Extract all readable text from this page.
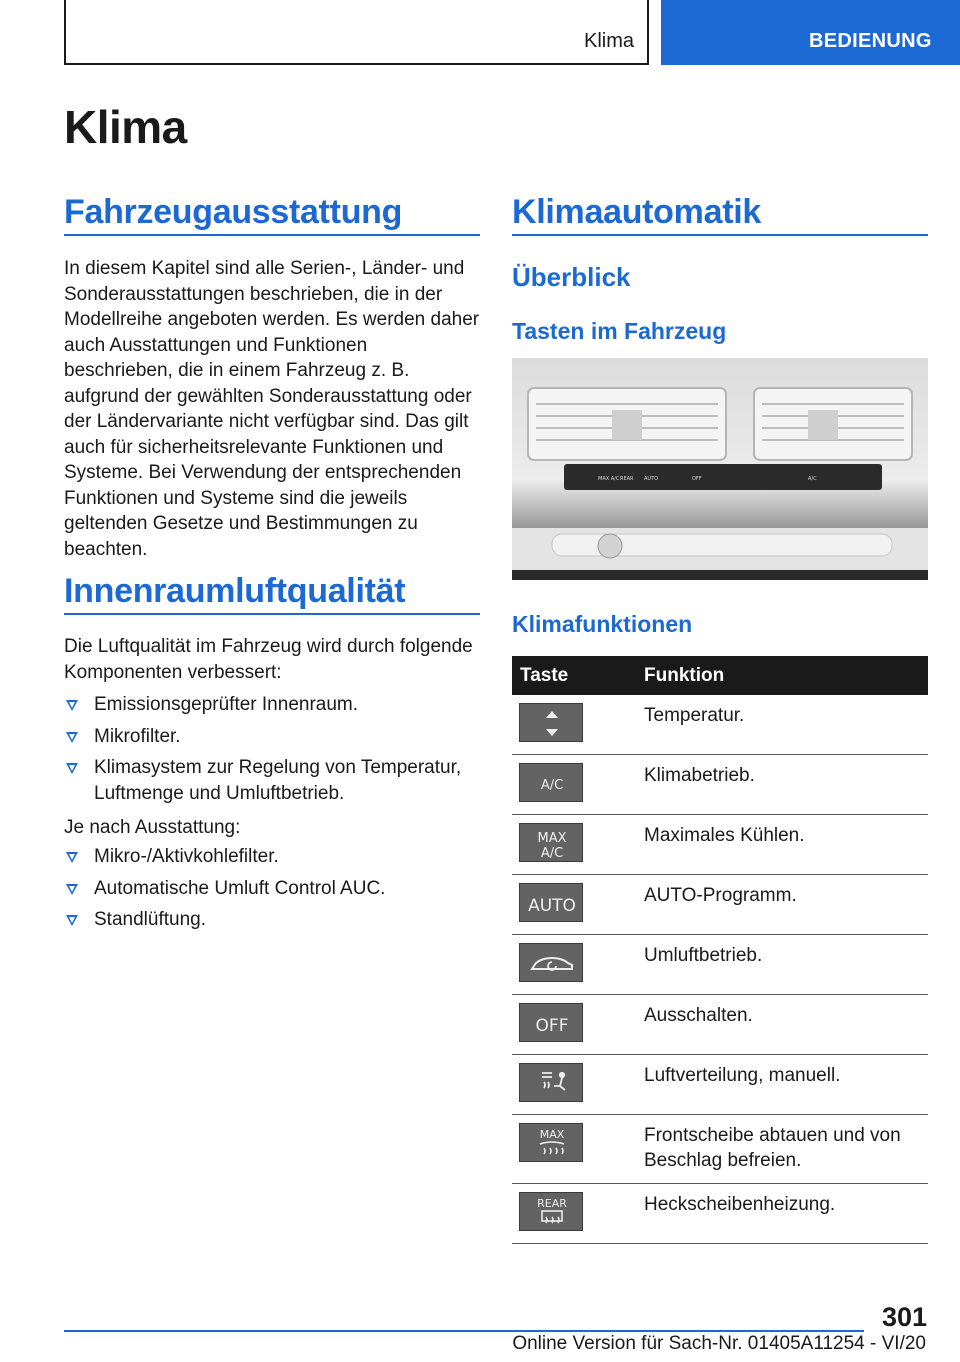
Klima	BEDIENUNG
Klima
Fahrzeugausstattung

In diesem Kapitel sind alle Serien-, Länder- und Sonderausstattungen beschrieben, die in der Modellreihe angeboten werden. Es werden daher auch Ausstattungen und Funktionen beschrieben, die in einem Fahrzeug z. B. aufgrund der gewählten Sonderausstattung oder der Ländervariante nicht verfügbar sind. Das gilt auch für sicherheitsrelevante Funktionen und Systeme. Bei Verwendung der entsprechenden Funktionen und Systeme sind die jeweils geltenden Gesetze und Bestimmungen zu beachten.

Innenraumluftqualität

Die Luftqualität im Fahrzeug wird durch folgende Komponenten verbessert:

Emissionsgeprüfter Innenraum.
Mikrofilter.
Klimasystem zur Regelung von Temperatur, Luftmenge und Umluftbetrieb.

Je nach Ausstattung:

Mikro-/Aktivkohlefilter.
Automatische Umluft Control AUC.
Standlüftung.
Klimaautomatik
Überblick
Tasten im Fahrzeug
MAX A/C REAR AUTO	OFF	A/C
Klimafunktionen
Taste	Funktion

	Temperatur.

A/C	Klimabetrieb.

MAX
A/C	Maximales Kühlen.

AUTO	AUTO-Programm.

	Umluftbetrieb.

OFF	Ausschalten.

	Luftverteilung, manuell.

MAX	Frontscheibe abtauen und von Beschlag befreien.

REAR	Heckscheibenheizung.
301
Online Version für Sach-Nr. 01405A11254 - VI/20
